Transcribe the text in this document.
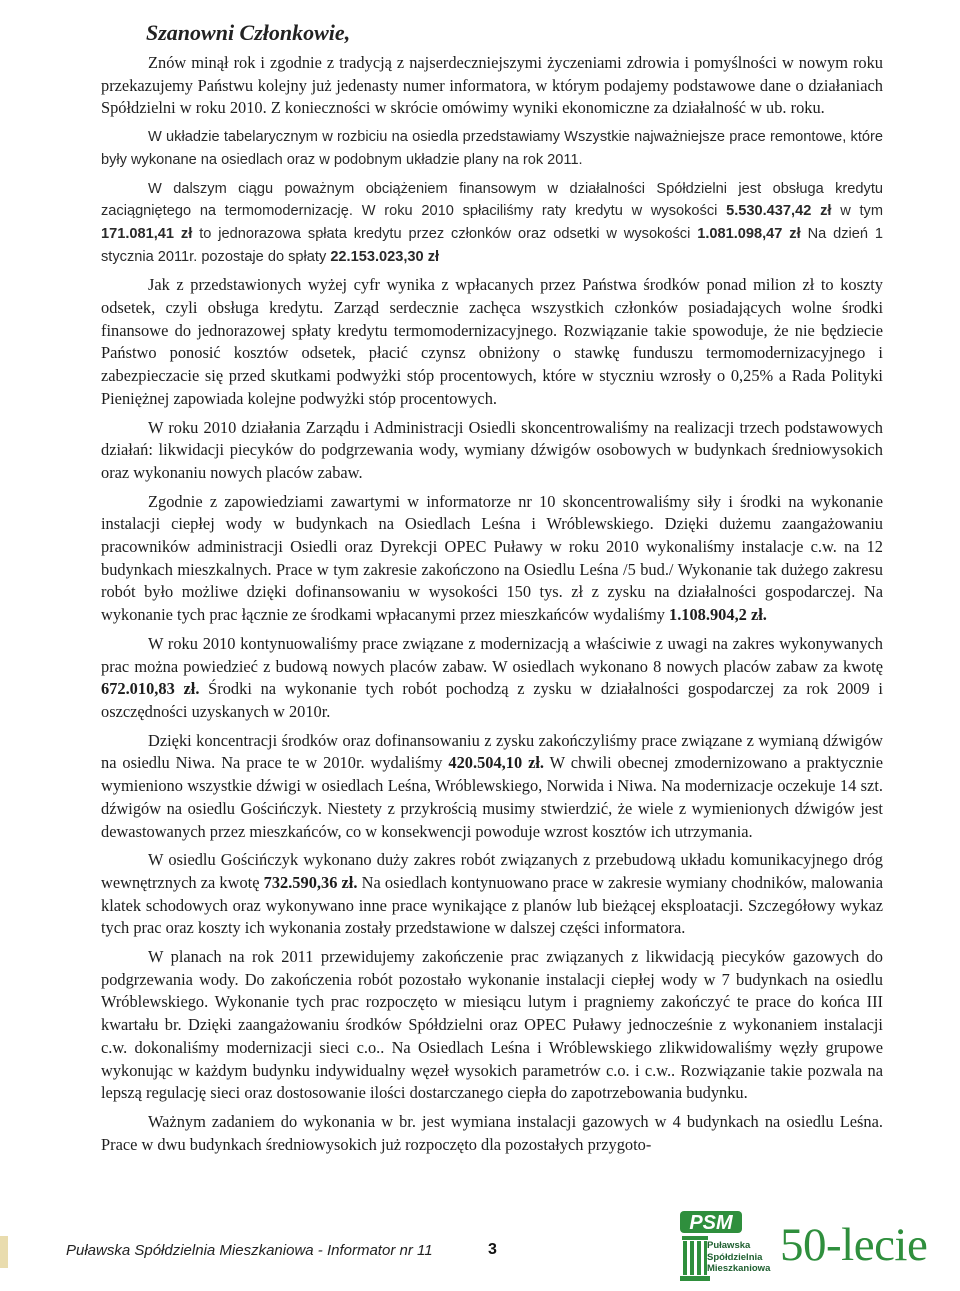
Szanowni Członkowie,

Znów minął rok i zgodnie z tradycją z najserdeczniejszymi życzeniami zdrowia i pomyślności w nowym roku przekazujemy Państwu kolejny już jedenasty numer informatora, w którym podajemy podstawowe dane o działaniach Spółdzielni w roku 2010. Z konieczności w skrócie omówimy wyniki ekonomiczne za działalność w ub. roku.

W układzie tabelarycznym w rozbiciu na osiedla przedstawiamy Wszystkie najważniejsze prace remontowe, które były wykonane na osiedlach oraz w podobnym układzie plany na rok 2011.

W dalszym ciągu poważnym obciążeniem finansowym w działalności Spółdzielni jest obsługa kredytu zaciągniętego na termomodernizację. W roku 2010 spłaciliśmy raty kredytu w wysokości 5.530.437,42 zł w tym 171.081,41 zł to jednorazowa spłata kredytu przez członków oraz odsetki w wysokości 1.081.098,47 zł Na dzień 1 stycznia 2011r. pozostaje do spłaty 22.153.023,30 zł

Jak z przedstawionych wyżej cyfr wynika z wpłacanych przez Państwa środków ponad milion zł to koszty odsetek, czyli obsługa kredytu. Zarząd serdecznie zachęca wszystkich członków posiadających wolne środki finansowe do jednorazowej spłaty kredytu termomodernizacyjnego. Rozwiązanie takie spowoduje, że nie będziecie Państwo ponosić kosztów odsetek, płacić czynsz obniżony o stawkę funduszu termomodernizacyjnego i zabezpieczacie się przed skutkami podwyżki stóp procentowych, które w styczniu wzrosły o 0,25% a Rada Polityki Pieniężnej zapowiada kolejne podwyżki stóp procentowych.

W roku 2010 działania Zarządu i Administracji Osiedli skoncentrowaliśmy na realizacji trzech podstawowych działań: likwidacji piecyków do podgrzewania wody, wymiany dźwigów osobowych w budynkach średniowysokich oraz wykonaniu nowych placów zabaw.

Zgodnie z zapowiedziami zawartymi w informatorze nr 10 skoncentrowaliśmy siły i środki na wykonanie instalacji ciepłej wody w budynkach na Osiedlach Leśna i Wróblewskiego. Dzięki dużemu zaangażowaniu pracowników administracji Osiedli oraz Dyrekcji OPEC Puławy w roku 2010 wykonaliśmy instalacje c.w. na 12 budynkach mieszkalnych. Prace w tym zakresie zakończono na Osiedlu Leśna /5 bud./ Wykonanie tak dużego zakresu robót było możliwe dzięki dofinansowaniu w wysokości 150 tys. zł z zysku na działalności gospodarczej. Na wykonanie tych prac łącznie ze środkami wpłacanymi przez mieszkańców wydaliśmy 1.108.904,2 zł.

W roku 2010 kontynuowaliśmy prace związane z modernizacją a właściwie z uwagi na zakres wykonywanych prac można powiedzieć z budową nowych placów zabaw. W osiedlach wykonano 8 nowych placów zabaw za kwotę 672.010,83 zł. Środki na wykonanie tych robót pochodzą z zysku w działalności gospodarczej za rok 2009 i oszczędności uzyskanych w 2010r.

Dzięki koncentracji środków oraz dofinansowaniu z zysku zakończyliśmy prace związane z wymianą dźwigów na osiedlu Niwa. Na prace te w 2010r. wydaliśmy 420.504,10 zł. W chwili obecnej zmodernizowano a praktycznie wymieniono wszystkie dźwigi w osiedlach Leśna, Wróblewskiego, Norwida i Niwa. Na modernizacje oczekuje 14 szt. dźwigów na osiedlu Gościńczyk. Niestety z przykrością musimy stwierdzić, że wiele z wymienionych dźwigów jest dewastowanych przez mieszkańców, co w konsekwencji powoduje wzrost kosztów ich utrzymania.

W osiedlu Gościńczyk wykonano duży zakres robót związanych z przebudową układu komunikacyjnego dróg wewnętrznych za kwotę 732.590,36 zł. Na osiedlach kontynuowano prace w zakresie wymiany chodników, malowania klatek schodowych oraz wykonywano inne prace wynikające z planów lub bieżącej eksploatacji. Szczegółowy wykaz tych prac oraz koszty ich wykonania zostały przedstawione w dalszej części informatora.

W planach na rok 2011 przewidujemy zakończenie prac związanych z likwidacją piecyków gazowych do podgrzewania wody. Do zakończenia robót pozostało wykonanie instalacji ciepłej wody w 7 budynkach na osiedlu Wróblewskiego. Wykonanie tych prac rozpoczęto w miesiącu lutym i pragniemy zakończyć te prace do końca III kwartału br. Dzięki zaangażowaniu środków Spółdzielni oraz OPEC Puławy jednocześnie z wykonaniem instalacji c.w. dokonaliśmy modernizacji sieci c.o.. Na Osiedlach Leśna i Wróblewskiego zlikwidowaliśmy węzły grupowe wykonując w każdym budynku indywidualny węzeł wysokich parametrów c.o. i c.w.. Rozwiązanie takie pozwala na lepszą regulację sieci oraz dostosowanie ilości dostarczanego ciepła do zapotrzebowania budynku.

Ważnym zadaniem do wykonania w br. jest wymiana instalacji gazowych w 4 budynkach na osiedlu Leśna. Prace w dwu budynkach średniowysokich już rozpoczęto dla pozostałych przygoto-

Puławska Spółdzielnia Mieszkaniowa - Informator nr 11	3
PSM
Puławska
Spółdzielnia
Mieszkaniowa 50-lecie
